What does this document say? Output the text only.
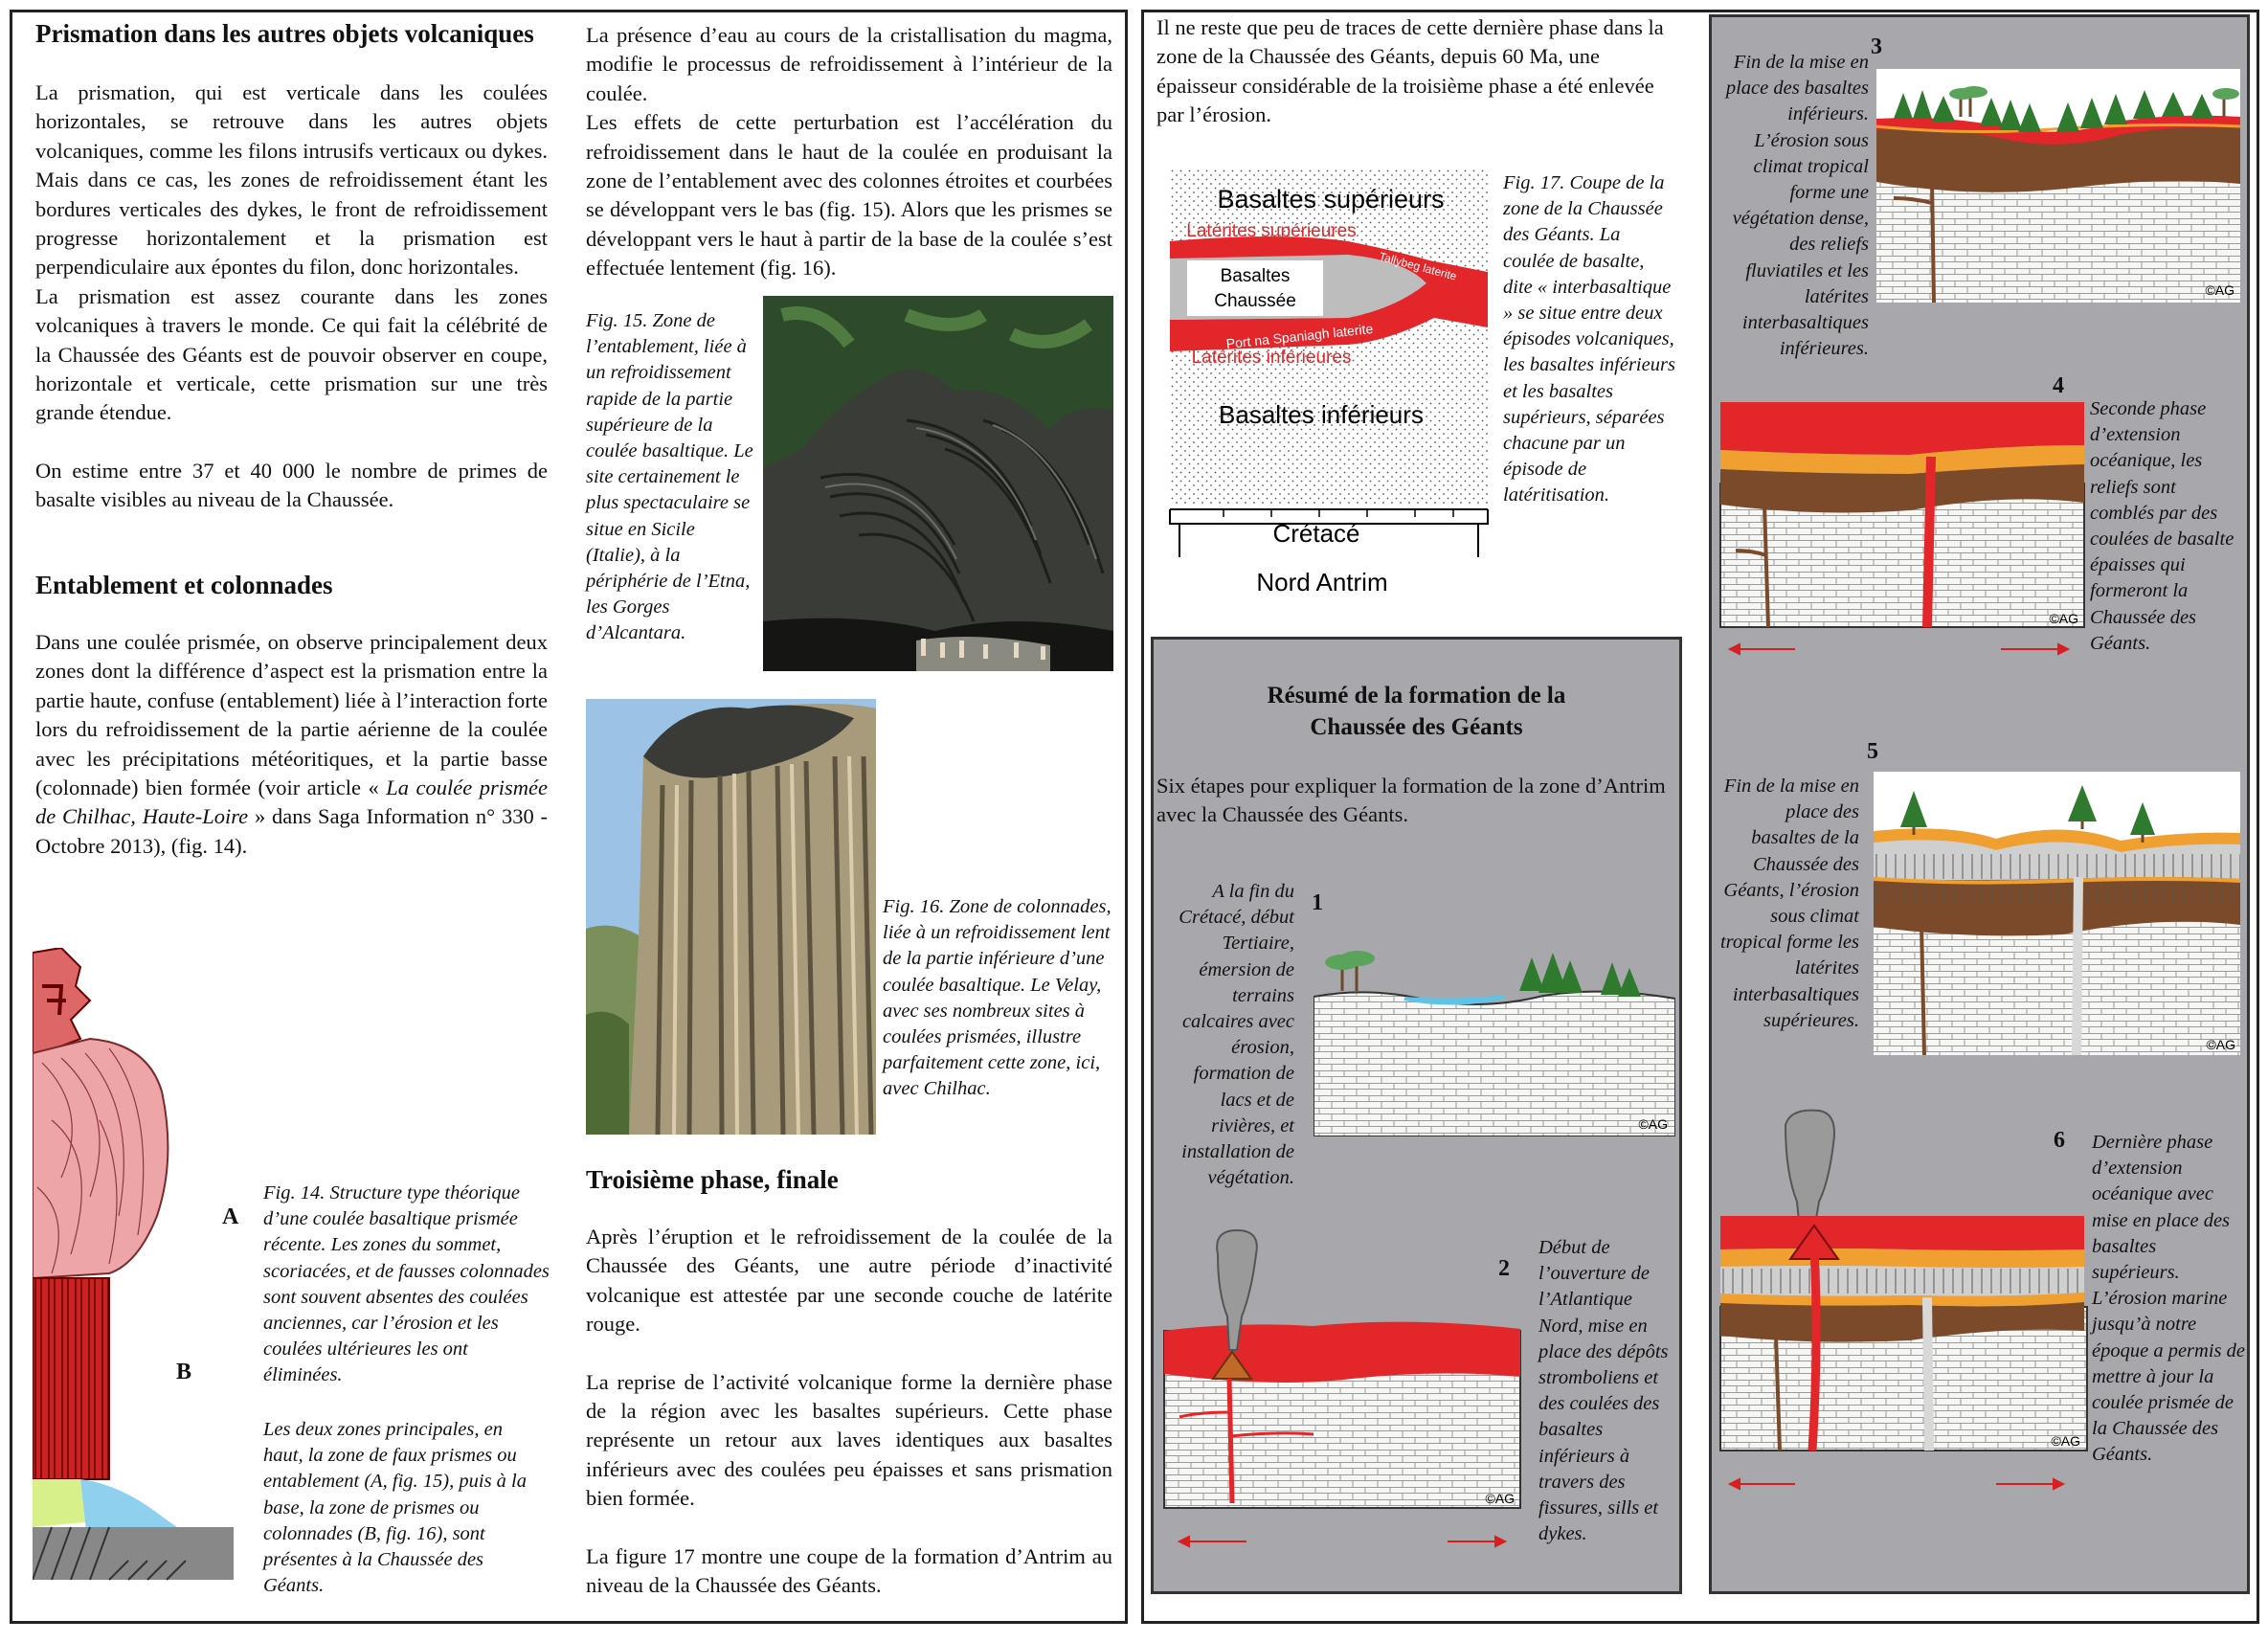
Prismation dans les autres objets volcaniques

La prismation, qui est verticale dans les coulées horizontales, se retrouve dans les autres objets volcaniques, comme les filons intrusifs verticaux ou dykes. Mais dans ce cas, les zones de refroidissement étant les bordures verticales des dykes, le front de refroidissement progresse horizontalement et la prismation est perpendiculaire aux épontes du filon, donc horizontales.

La prismation est assez courante dans les zones volcaniques à travers le monde. Ce qui fait la célébrité de la Chaussée des Géants est de pouvoir observer en coupe, horizontale et verticale, cette prismation sur une très grande étendue.

On estime entre 37 et 40 000 le nombre de primes de basalte visibles au niveau de la Chaussée.

Entablement et colonnades
Dans une coulée prismée, on observe principalement deux zones dont la différence d’aspect est la prismation entre la partie haute, confuse (entablement) liée à l’interaction forte lors du refroidissement de la partie aérienne de la coulée avec les précipitations météoritiques, et la partie basse (colonnade) bien formée (voir article « La coulée prismée de Chilhac, Haute-Loire » dans Saga Information n° 330 - Octobre 2013), (fig. 14).
A
B
Fig. 14. Structure type théorique d’une coulée basaltique prismée récente. Les zones du sommet, scoriacées, et de fausses colonnades sont souvent absentes des coulées anciennes, car l’érosion et les coulées ultérieures les ont éliminées.
Les deux zones principales, en haut, la zone de faux prismes ou entablement (A, fig. 15), puis à la base, la zone de prismes ou colonnades (B, fig. 16), sont présentes à la Chaussée des Géants.

La présence d’eau au cours de la cristallisation du magma, modifie le processus de refroidissement à l’intérieur de la coulée.

Les effets de cette perturbation est l’accélération du refroidissement dans le haut de la coulée en produisant la zone de l’entablement avec des colonnes étroites et courbées se développant vers le bas (fig. 15). Alors que les prismes se développant vers le haut à partir de la base de la coulée s’est effectuée lentement (fig. 16).

Fig. 15. Zone de l’entablement, liée à un refroidissement rapide de la partie supérieure de la coulée basaltique. Le site certainement le plus spectaculaire se situe en Sicile (Italie), à la périphérie de l’Etna, les Gorges d’Alcantara.
Fig. 16. Zone de colonnades, liée à un refroidissement lent de la partie inférieure d’une coulée basaltique. Le Velay, avec ses nombreux sites à coulées prismées, illustre parfaitement cette zone, ici, avec Chilhac.
Troisième phase, finale

Après l’éruption et le refroidissement de la coulée de la Chaussée des Géants, une autre période d’inactivité volcanique est attestée par une seconde couche de latérite rouge.

La reprise de l’activité volcanique forme la dernière phase de la région avec les basaltes supérieurs. Cette phase représente un retour aux laves identiques aux basaltes inférieurs avec des coulées peu épaisses et sans prismation bien formée.

La figure 17 montre une coupe de la formation d’Antrim au niveau de la Chaussée des Géants.

Il ne reste que peu de traces de cette dernière phase dans la zone de la Chaussée des Géants, depuis 60 Ma, une épaisseur considérable de la troisième phase a été enlevée par l’érosion.
Basaltes supérieurs
Latérites supérieures
Tallybeg laterite
Basaltes
Chaussée
Port na Spaniagh laterite
Latérites inférieures
Basaltes inférieurs
Crétacé
Nord Antrim
Fig. 17. Coupe de la zone de la Chaussée des Géants. La coulée de basalte, dite « interbasaltique » se situe entre deux épisodes volcaniques, les basaltes inférieurs et les basaltes supérieurs, séparées chacune par un épisode de latéritisation.
Résumé de la formation de la
Chaussée des Géants
Six étapes pour expliquer la formation de la zone d’Antrim avec la Chaussée des Géants.
A la fin du Crétacé, début Tertiaire, émersion de terrains calcaires avec érosion, formation de lacs et de rivières, et installation de végétation.
1
©AG
Début de l’ouverture de l’Atlantique Nord, mise en place des dépôts stromboliens et des coulées des basaltes inférieurs à travers des fissures, sills et dykes.
2
©AG
Fin de la mise en place des basaltes inférieurs. L’érosion sous climat tropical forme une végétation dense, des reliefs fluviatiles et les latérites interbasaltiques inférieures.
3
©AG
4
Seconde phase d’extension océanique, les reliefs sont comblés par des coulées de basalte épaisses qui formeront la Chaussée des Géants.
©AG
5
Fin de la mise en place des basaltes de la Chaussée des Géants, l’érosion sous climat tropical forme les latérites interbasaltiques supérieures.
©AG
6 Dernière phase d’extension océanique avec mise en place des basaltes supérieurs. L’érosion marine jusqu’à notre époque a permis de mettre à jour la coulée prismée de la Chaussée des Géants.
©AG
